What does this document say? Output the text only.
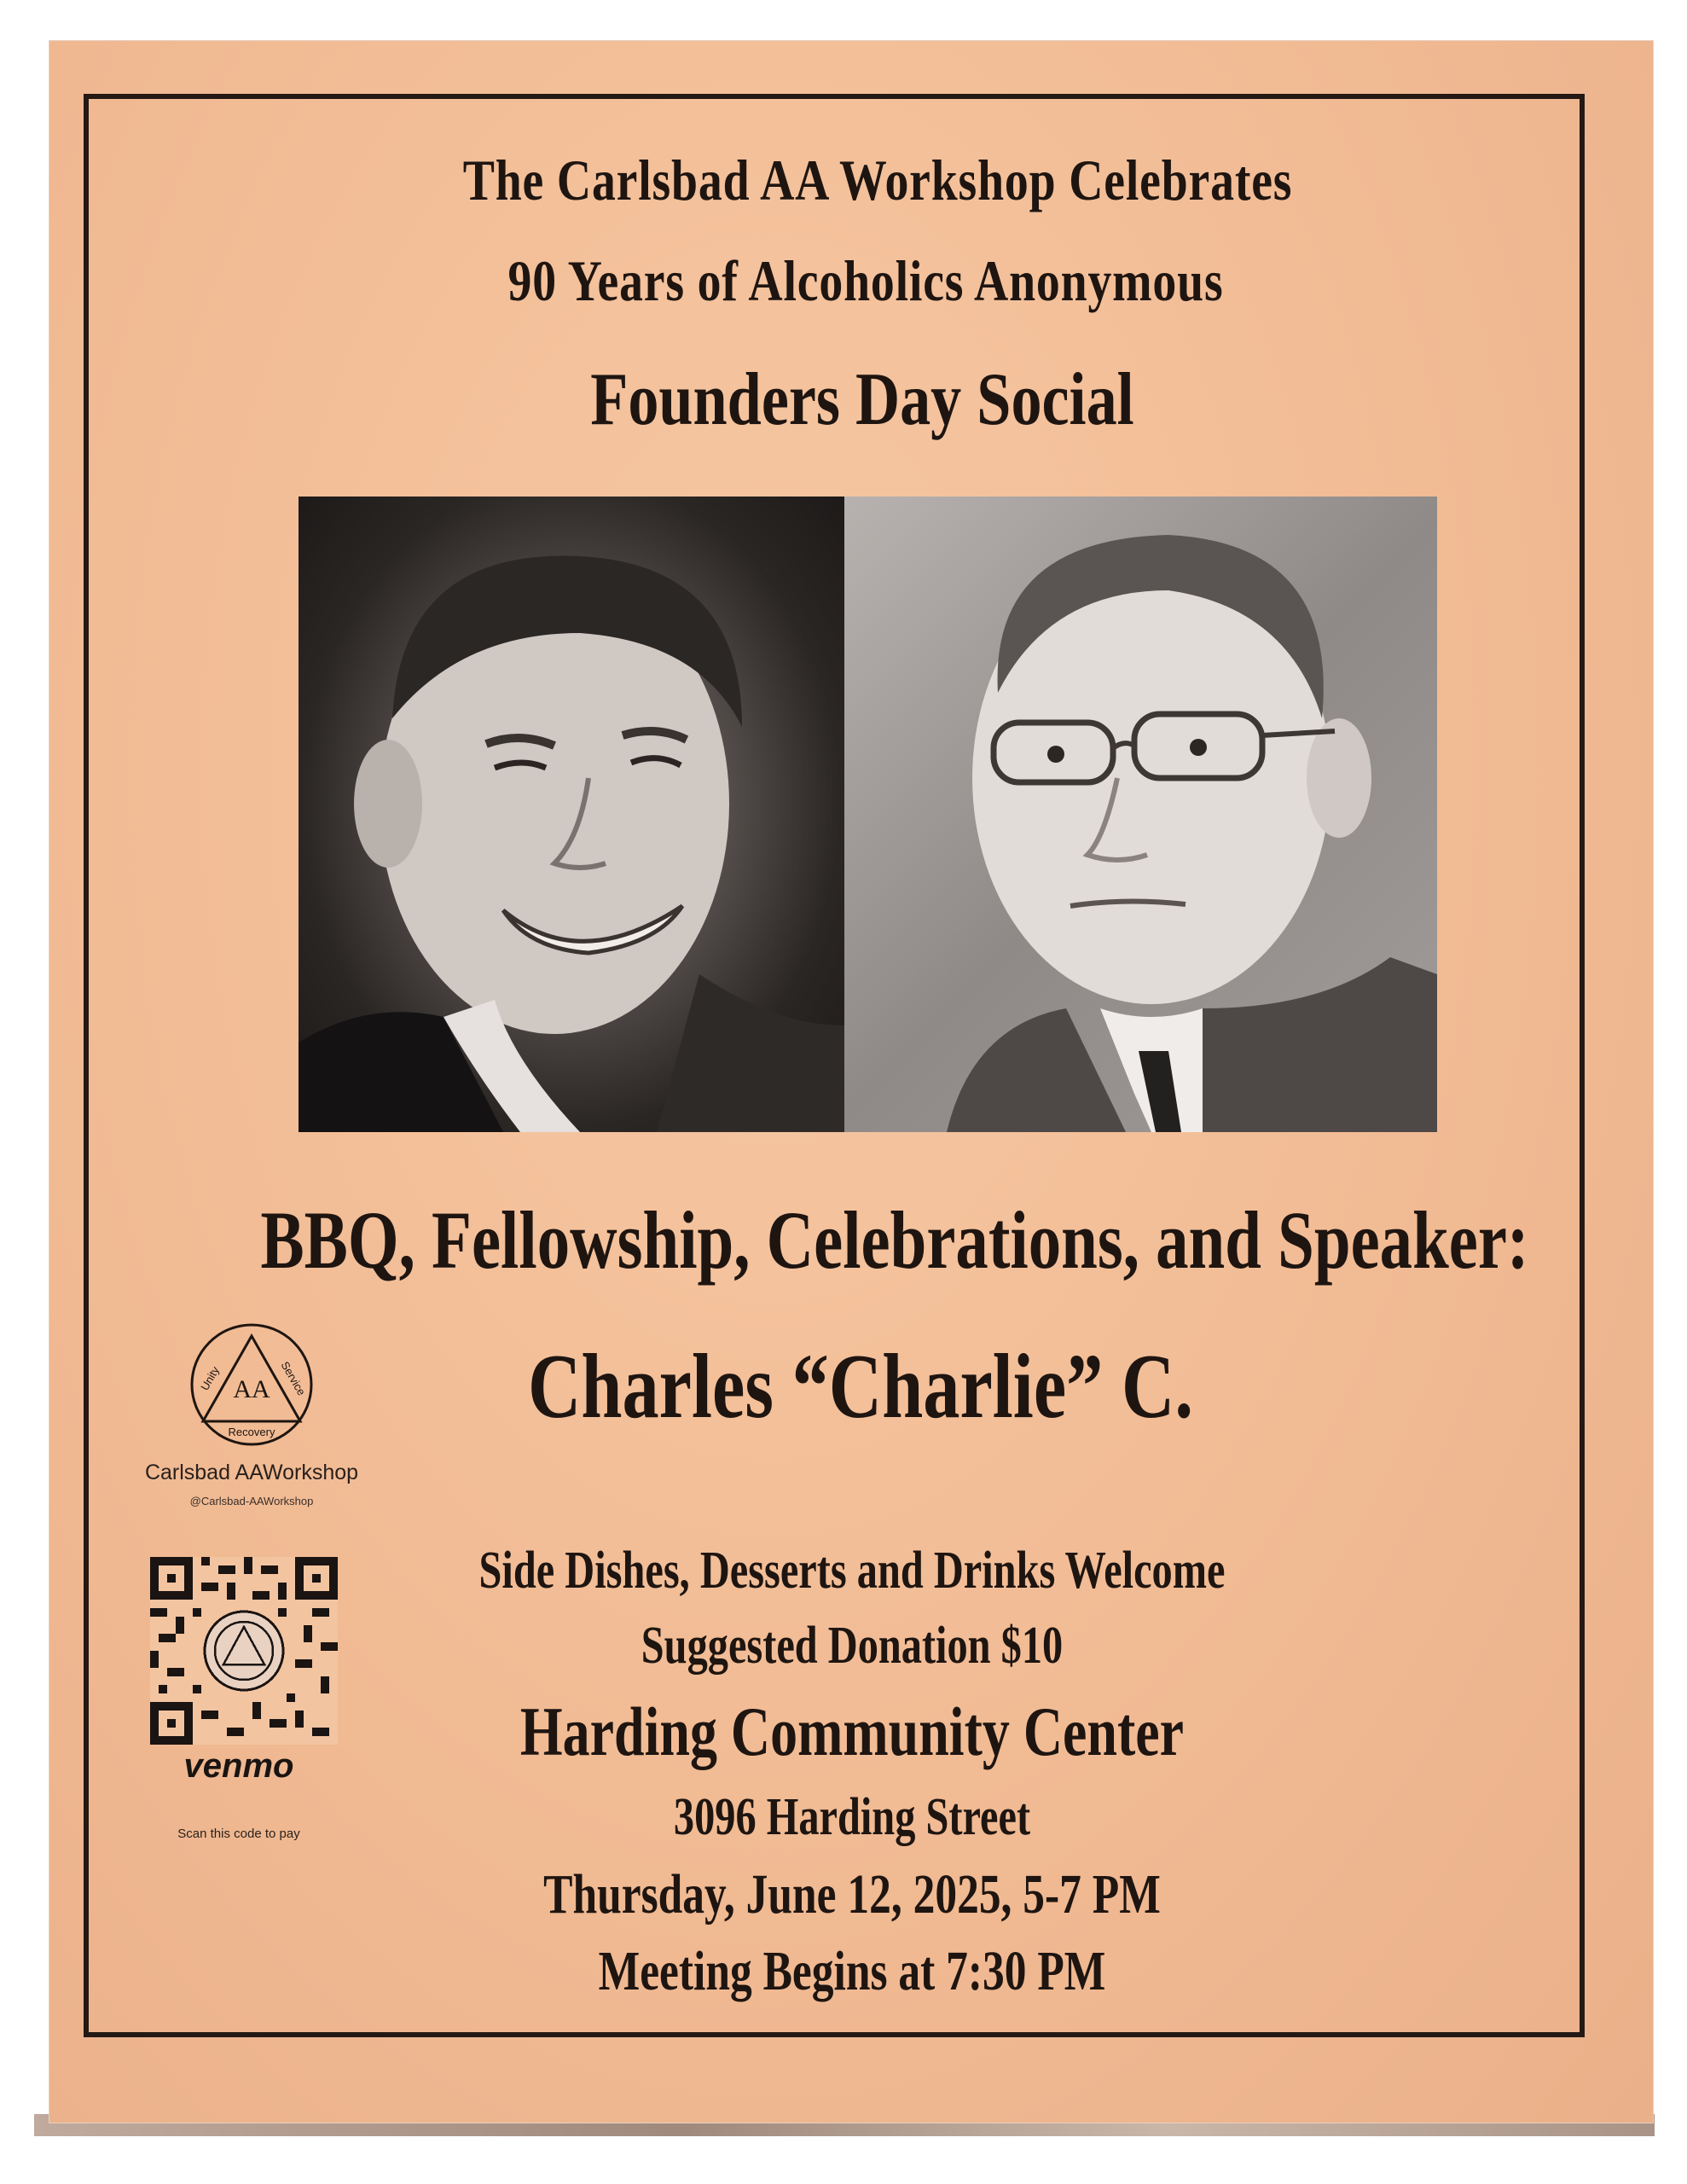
The Carlsbad AA Workshop Celebrates

90 Years of Alcoholics Anonymous

Founders Day Social

BBQ, Fellowship, Celebrations, and Speaker:

Charles “Charlie” C.

AA
Unity	Service
Recovery

Carlsbad AAWorkshop

@Carlsbad-AAWorkshop

venmo

Scan this code to pay

Side Dishes, Desserts and Drinks Welcome

Suggested Donation $10

Harding Community Center

3096 Harding Street

Thursday, June 12, 2025, 5-7 PM

Meeting Begins at 7:30 PM
